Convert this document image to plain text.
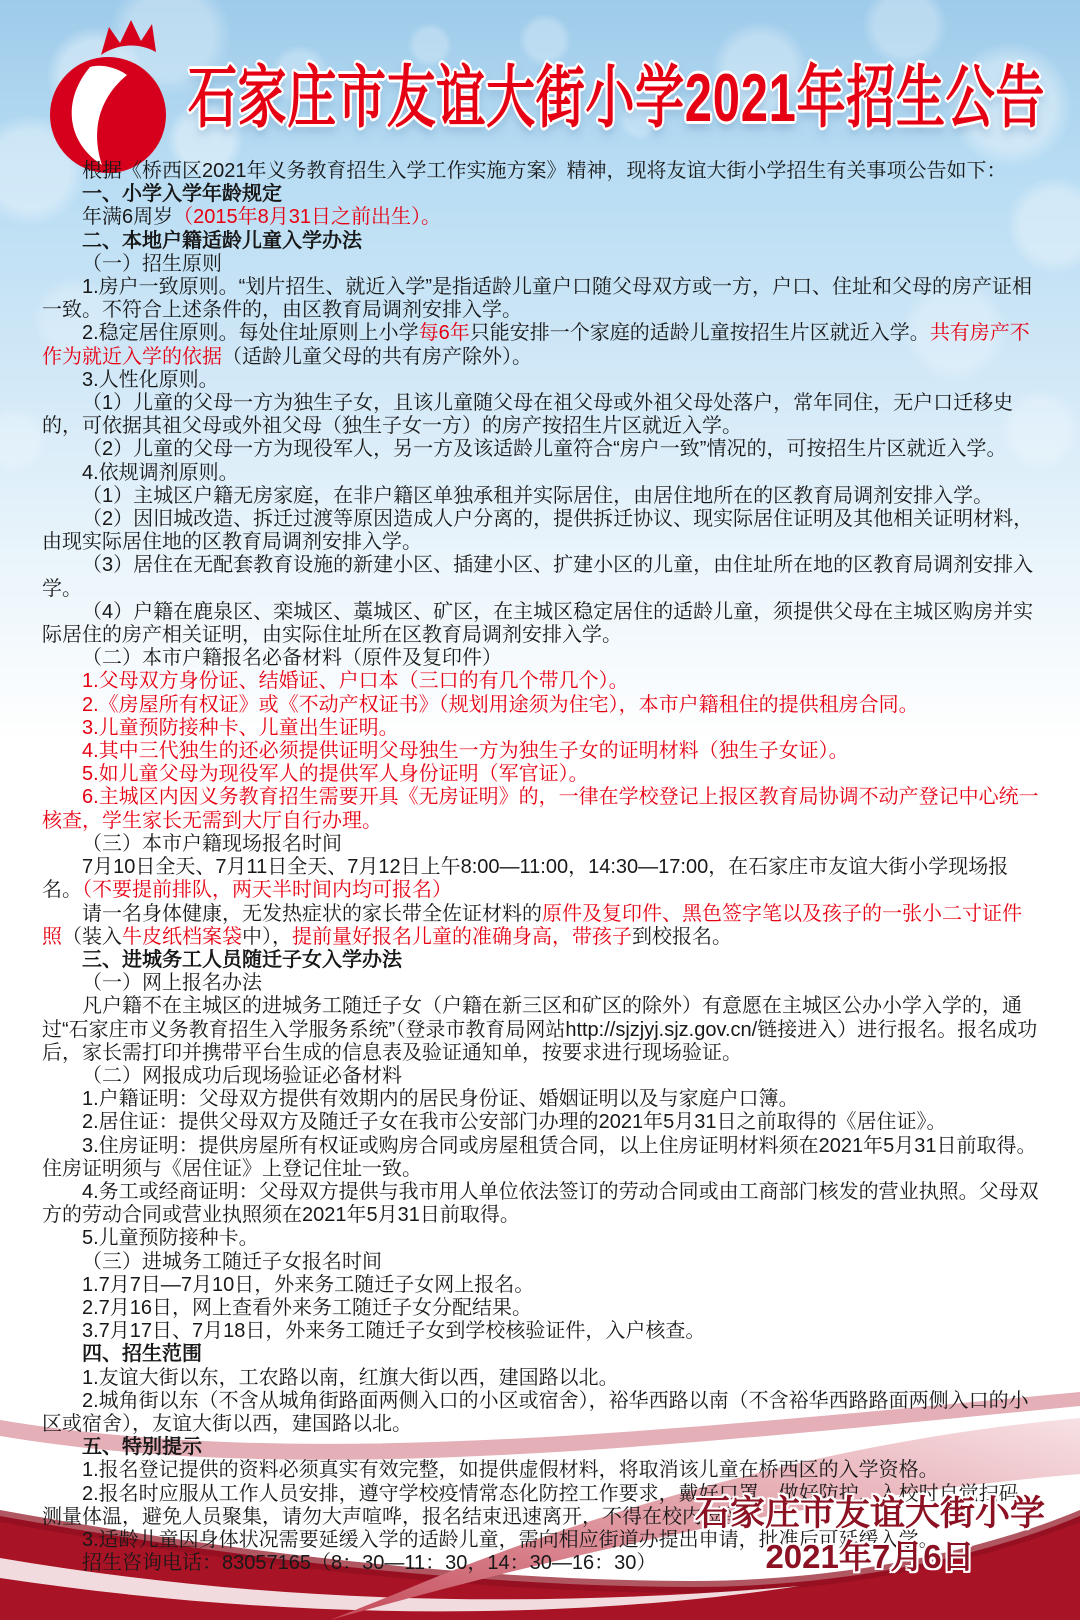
石家庄市友谊大街小学2021年招生公告

根据《桥西区2021年义务教育招生入学工作实施方案》精神，现将友谊大街小学招生有关事项公告如下：

一、小学入学年龄规定

年满6周岁（2015年8月31日之前出生）。

二、本地户籍适龄儿童入学办法

（一）招生原则

1.房户一致原则。“划片招生、就近入学”是指适龄儿童户口随父母双方或一方，户口、住址和父母的房产证相一致。不符合上述条件的，由区教育局调剂安排入学。

2.稳定居住原则。每处住址原则上小学每6年只能安排一个家庭的适龄儿童按招生片区就近入学。共有房产不作为就近入学的依据（适龄儿童父母的共有房产除外）。

3.人性化原则。

（1）儿童的父母一方为独生子女，且该儿童随父母在祖父母或外祖父母处落户，常年同住，无户口迁移史的，可依据其祖父母或外祖父母（独生子女一方）的房产按招生片区就近入学。

（2）儿童的父母一方为现役军人，另一方及该适龄儿童符合“房户一致”情况的，可按招生片区就近入学。

4.依规调剂原则。

（1）主城区户籍无房家庭，在非户籍区单独承租并实际居住，由居住地所在的区教育局调剂安排入学。

（2）因旧城改造、拆迁过渡等原因造成人户分离的，提供拆迁协议、现实际居住证明及其他相关证明材料，由现实际居住地的区教育局调剂安排入学。

（3）居住在无配套教育设施的新建小区、插建小区、扩建小区的儿童，由住址所在地的区教育局调剂安排入学。

（4）户籍在鹿泉区、栾城区、藁城区、矿区，在主城区稳定居住的适龄儿童，须提供父母在主城区购房并实际居住的房产相关证明，由实际住址所在区教育局调剂安排入学。

（二）本市户籍报名必备材料（原件及复印件）

1.父母双方身份证、结婚证、户口本（三口的有几个带几个）。

2.《房屋所有权证》或《不动产权证书》（规划用途须为住宅），本市户籍租住的提供租房合同。

3.儿童预防接种卡、儿童出生证明。

4.其中三代独生的还必须提供证明父母独生一方为独生子女的证明材料（独生子女证）。

5.如儿童父母为现役军人的提供军人身份证明（军官证）。

6.主城区内因义务教育招生需要开具《无房证明》的，一律在学校登记上报区教育局协调不动产登记中心统一核查，学生家长无需到大厅自行办理。

（三）本市户籍现场报名时间

7月10日全天、7月11日全天、7月12日上午8:00—11:00，14:30—17:00，在石家庄市友谊大街小学现场报名。（不要提前排队，两天半时间内均可报名）

请一名身体健康，无发热症状的家长带全佐证材料的原件及复印件、黑色签字笔以及孩子的一张小二寸证件照（装入牛皮纸档案袋中），提前量好报名儿童的准确身高，带孩子到校报名。

三、进城务工人员随迁子女入学办法

（一）网上报名办法

凡户籍不在主城区的进城务工随迁子女（户籍在新三区和矿区的除外）有意愿在主城区公办小学入学的，通过“石家庄市义务教育招生入学服务系统”（登录市教育局网站http://sjzjyj.sjz.gov.cn/链接进入）进行报名。报名成功后，家长需打印并携带平台生成的信息表及验证通知单，按要求进行现场验证。

（二）网报成功后现场验证必备材料

1.户籍证明：父母双方提供有效期内的居民身份证、婚姻证明以及与家庭户口簿。

2.居住证：提供父母双方及随迁子女在我市公安部门办理的2021年5月31日之前取得的《居住证》。

3.住房证明：提供房屋所有权证或购房合同或房屋租赁合同，以上住房证明材料须在2021年5月31日前取得。住房证明须与《居住证》上登记住址一致。

4.务工或经商证明：父母双方提供与我市用人单位依法签订的劳动合同或由工商部门核发的营业执照。父母双方的劳动合同或营业执照须在2021年5月31日前取得。

5.儿童预防接种卡。

（三）进城务工随迁子女报名时间

1.7月7日—7月10日，外来务工随迁子女网上报名。

2.7月16日，网上查看外来务工随迁子女分配结果。

3.7月17日、7月18日，外来务工随迁子女到学校核验证件，入户核查。

四、招生范围

1.友谊大街以东，工农路以南，红旗大街以西，建国路以北。

2.城角街以东（不含从城角街路面两侧入口的小区或宿舍），裕华西路以南（不含裕华西路路面两侧入口的小区或宿舍），友谊大街以西，建国路以北。

五、特别提示

1.报名登记提供的资料必须真实有效完整，如提供虚假材料，将取消该儿童在桥西区的入学资格。

2.报名时应服从工作人员安排，遵守学校疫情常态化防控工作要求，戴好口罩、做好防护，入校时自觉扫码，测量体温，避免人员聚集，请勿大声喧哗，报名结束迅速离开，不得在校内逗留。

3.适龄儿童因身体状况需要延缓入学的适龄儿童，需向相应街道办提出申请，批准后可延缓入学。

招生咨询电话：83057165（8：30—11：30，14：30—16：30）

石家庄市友谊大街小学
2021年7月6日
